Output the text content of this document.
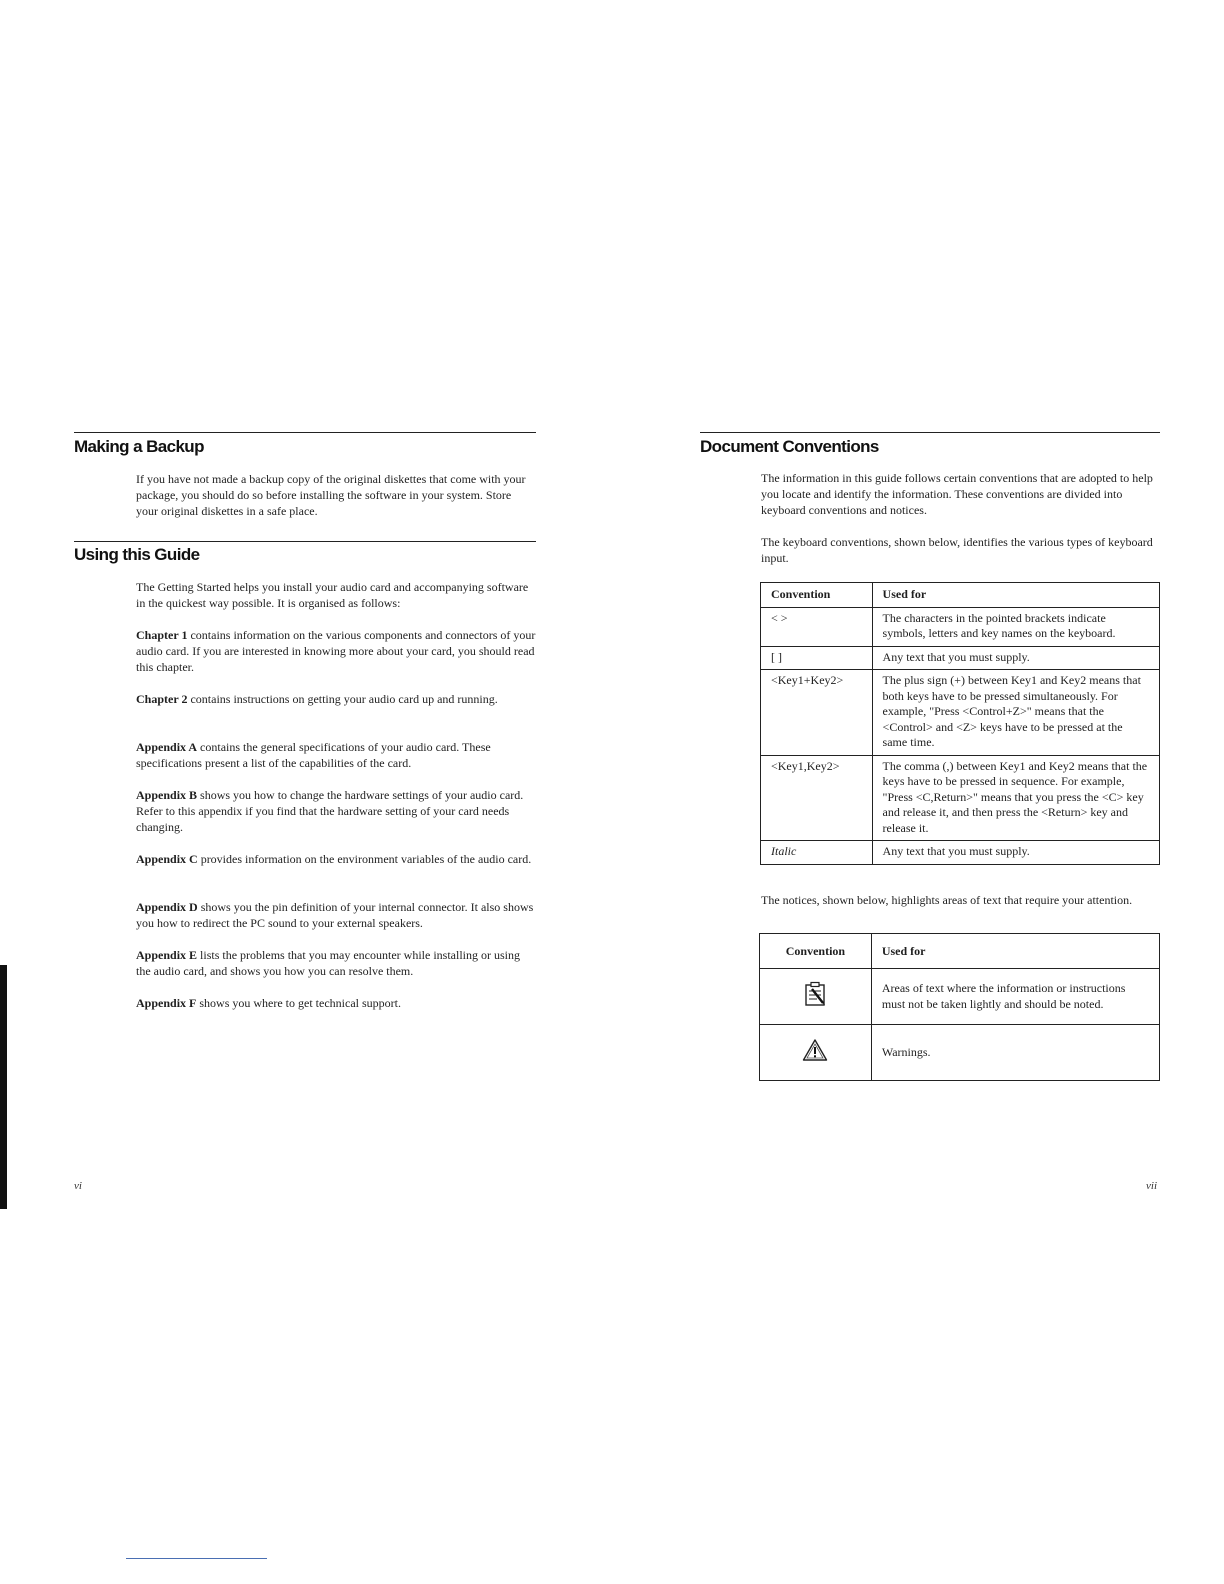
Making a Backup

If you have not made a backup copy of the original diskettes that come with your package, you should do so before installing the software in your system. Store your original diskettes in a safe place.

Using this Guide

The Getting Started helps you install your audio card and accompanying software in the quickest way possible. It is organised as follows:

Chapter 1 contains information on the various components and connectors of your audio card. If you are interested in knowing more about your card, you should read this chapter.

Chapter 2 contains instructions on getting your audio card up and running.

Appendix A contains the general specifications of your audio card. These specifications present a list of the capabilities of the card.

Appendix B shows you how to change the hardware settings of your audio card. Refer to this appendix if you find that the hardware setting of your card needs changing.

Appendix C provides information on the environment variables of the audio card.

Appendix D shows you the pin definition of your internal connector. It also shows you how to redirect the PC sound to your external speakers.

Appendix E lists the problems that you may encounter while installing or using the audio card, and shows you how you can resolve them.

Appendix F shows you where to get technical support.

vi

Document Conventions

The information in this guide follows certain conventions that are adopted to help you locate and identify the information. These conventions are divided into keyboard conventions and notices.

The keyboard conventions, shown below, identifies the various types of keyboard input.

Convention	Used for
< >	The characters in the pointed brackets indicate symbols, letters and key names on the keyboard.
[ ]	Any text that you must supply.
<Key1+Key2>	The plus sign (+) between Key1 and Key2 means that both keys have to be pressed simultaneously. For example, "Press <Control+Z>" means that the <Control> and <Z> keys have to be pressed at the same time.
<Key1,Key2>	The comma (,) between Key1 and Key2 means that the keys have to be pressed in sequence. For example, "Press <C,Return>" means that you press the <C> key and release it, and then press the <Return> key and release it.
Italic	Any text that you must supply.

The notices, shown below, highlights areas of text that require your attention.

Convention	Used for
	Areas of text where the information or instructions must not be taken lightly and should be noted.
	Warnings.

vii
